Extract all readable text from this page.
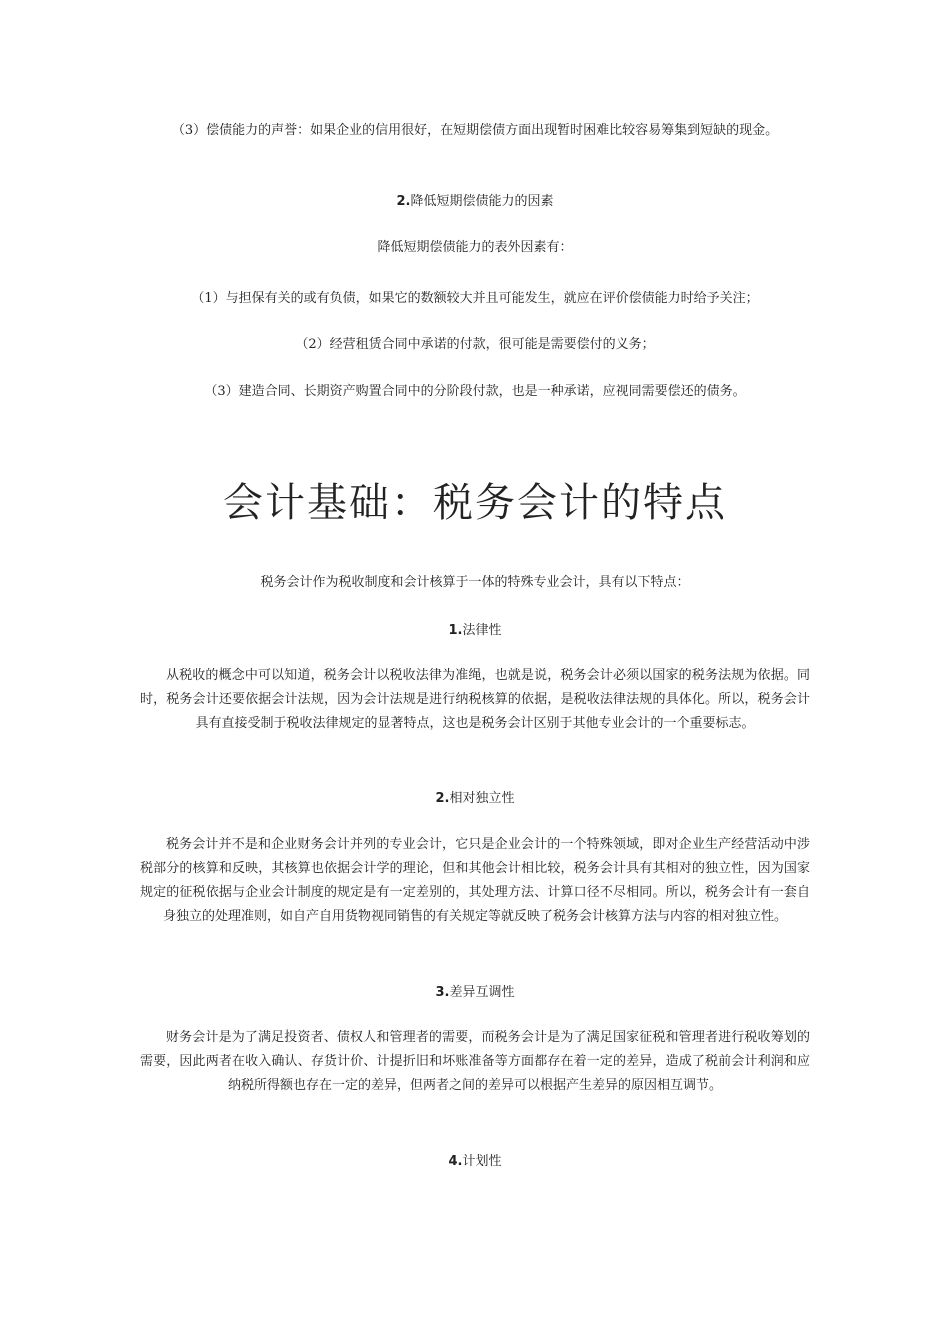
（3）偿债能力的声誉：如果企业的信用很好，在短期偿债方面出现暂时困难比较容易筹集到短缺的现金。

2.降低短期偿债能力的因素

降低短期偿债能力的表外因素有：

（1）与担保有关的或有负债，如果它的数额较大并且可能发生，就应在评价偿债能力时给予关注；

（2）经营租赁合同中承诺的付款，很可能是需要偿付的义务；

（3）建造合同、长期资产购置合同中的分阶段付款，也是一种承诺，应视同需要偿还的债务。

会计基础：税务会计的特点

税务会计作为税收制度和会计核算于一体的特殊专业会计，具有以下特点：

1.法律性

从税收的概念中可以知道，税务会计以税收法律为准绳，也就是说，税务会计必须以国家的税务法规为依据。同时，税务会计还要依据会计法规，因为会计法规是进行纳税核算的依据，是税收法律法规的具体化。所以，税务会计具有直接受制于税收法律规定的显著特点，这也是税务会计区别于其他专业会计的一个重要标志。

2.相对独立性

税务会计并不是和企业财务会计并列的专业会计，它只是企业会计的一个特殊领域，即对企业生产经营活动中涉税部分的核算和反映，其核算也依据会计学的理论，但和其他会计相比较，税务会计具有其相对的独立性，因为国家规定的征税依据与企业会计制度的规定是有一定差别的，其处理方法、计算口径不尽相同。所以，税务会计有一套自身独立的处理准则，如自产自用货物视同销售的有关规定等就反映了税务会计核算方法与内容的相对独立性。

3.差异互调性

财务会计是为了满足投资者、债权人和管理者的需要，而税务会计是为了满足国家征税和管理者进行税收筹划的需要，因此两者在收入确认、存货计价、计提折旧和坏账准备等方面都存在着一定的差异，造成了税前会计利润和应纳税所得额也存在一定的差异，但两者之间的差异可以根据产生差异的原因相互调节。

4.计划性
